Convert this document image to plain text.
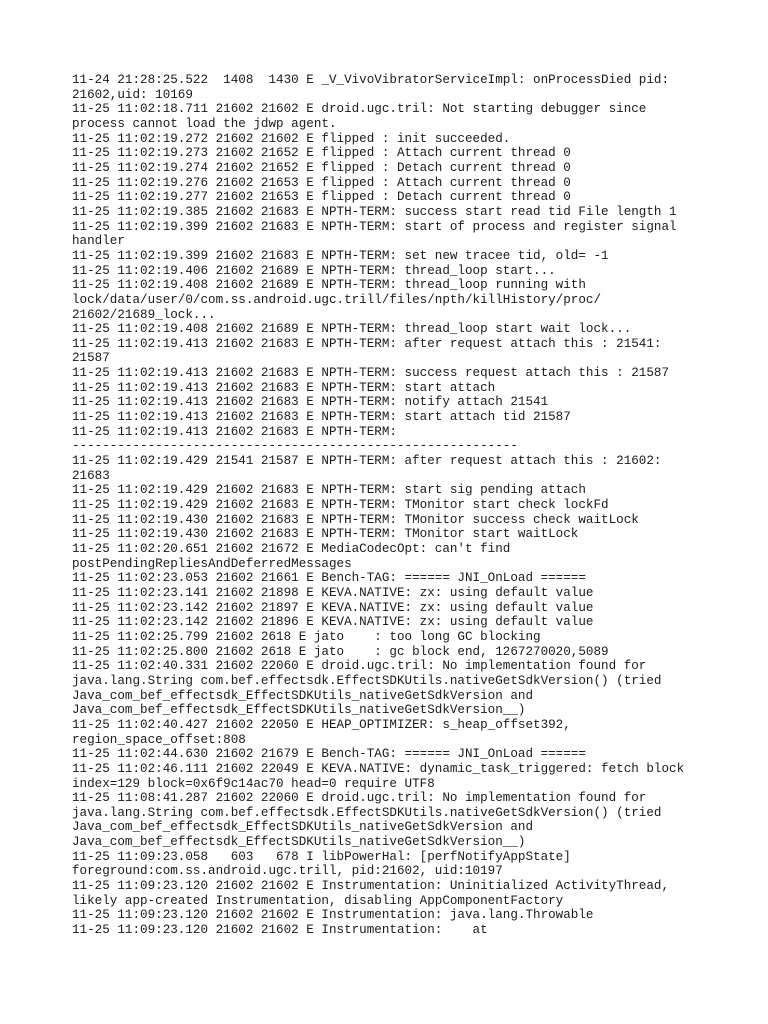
11-24 21:28:25.522  1408  1430 E _V_VivoVibratorServiceImpl: onProcessDied pid:
21602,uid: 10169
11-25 11:02:18.711 21602 21602 E droid.ugc.tril: Not starting debugger since
process cannot load the jdwp agent.
11-25 11:02:19.272 21602 21602 E flipped : init succeeded.
11-25 11:02:19.273 21602 21652 E flipped : Attach current thread 0
11-25 11:02:19.274 21602 21652 E flipped : Detach current thread 0
11-25 11:02:19.276 21602 21653 E flipped : Attach current thread 0
11-25 11:02:19.277 21602 21653 E flipped : Detach current thread 0
11-25 11:02:19.385 21602 21683 E NPTH-TERM: success start read tid File length 1
11-25 11:02:19.399 21602 21683 E NPTH-TERM: start of process and register signal
handler
11-25 11:02:19.399 21602 21683 E NPTH-TERM: set new tracee tid, old= -1
11-25 11:02:19.406 21602 21689 E NPTH-TERM: thread_loop start...
11-25 11:02:19.408 21602 21689 E NPTH-TERM: thread_loop running with
lock/data/user/0/com.ss.android.ugc.trill/files/npth/killHistory/proc/
21602/21689_lock...
11-25 11:02:19.408 21602 21689 E NPTH-TERM: thread_loop start wait lock...
11-25 11:02:19.413 21602 21683 E NPTH-TERM: after request attach this : 21541:
21587
11-25 11:02:19.413 21602 21683 E NPTH-TERM: success request attach this : 21587
11-25 11:02:19.413 21602 21683 E NPTH-TERM: start attach
11-25 11:02:19.413 21602 21683 E NPTH-TERM: notify attach 21541
11-25 11:02:19.413 21602 21683 E NPTH-TERM: start attach tid 21587
11-25 11:02:19.413 21602 21683 E NPTH-TERM:
-----------------------------------------------------------
11-25 11:02:19.429 21541 21587 E NPTH-TERM: after request attach this : 21602:
21683
11-25 11:02:19.429 21602 21683 E NPTH-TERM: start sig pending attach
11-25 11:02:19.429 21602 21683 E NPTH-TERM: TMonitor start check lockFd
11-25 11:02:19.430 21602 21683 E NPTH-TERM: TMonitor success check waitLock
11-25 11:02:19.430 21602 21683 E NPTH-TERM: TMonitor start waitLock
11-25 11:02:20.651 21602 21672 E MediaCodecOpt: can't find
postPendingRepliesAndDeferredMessages
11-25 11:02:23.053 21602 21661 E Bench-TAG: ====== JNI_OnLoad ======
11-25 11:02:23.141 21602 21898 E KEVA.NATIVE: zx: using default value
11-25 11:02:23.142 21602 21897 E KEVA.NATIVE: zx: using default value
11-25 11:02:23.142 21602 21896 E KEVA.NATIVE: zx: using default value
11-25 11:02:25.799 21602 2618 E jato    : too long GC blocking
11-25 11:02:25.800 21602 2618 E jato    : gc block end, 1267270020,5089
11-25 11:02:40.331 21602 22060 E droid.ugc.tril: No implementation found for
java.lang.String com.bef.effectsdk.EffectSDKUtils.nativeGetSdkVersion() (tried
Java_com_bef_effectsdk_EffectSDKUtils_nativeGetSdkVersion and
Java_com_bef_effectsdk_EffectSDKUtils_nativeGetSdkVersion__)
11-25 11:02:40.427 21602 22050 E HEAP_OPTIMIZER: s_heap_offset392,
region_space_offset:808
11-25 11:02:44.630 21602 21679 E Bench-TAG: ====== JNI_OnLoad ======
11-25 11:02:46.111 21602 22049 E KEVA.NATIVE: dynamic_task_triggered: fetch block
index=129 block=0x6f9c14ac70 head=0 require UTF8
11-25 11:08:41.287 21602 22060 E droid.ugc.tril: No implementation found for
java.lang.String com.bef.effectsdk.EffectSDKUtils.nativeGetSdkVersion() (tried
Java_com_bef_effectsdk_EffectSDKUtils_nativeGetSdkVersion and
Java_com_bef_effectsdk_EffectSDKUtils_nativeGetSdkVersion__)
11-25 11:09:23.058   603   678 I libPowerHal: [perfNotifyAppState]
foreground:com.ss.android.ugc.trill, pid:21602, uid:10197
11-25 11:09:23.120 21602 21602 E Instrumentation: Uninitialized ActivityThread,
likely app-created Instrumentation, disabling AppComponentFactory
11-25 11:09:23.120 21602 21602 E Instrumentation: java.lang.Throwable
11-25 11:09:23.120 21602 21602 E Instrumentation:    at
